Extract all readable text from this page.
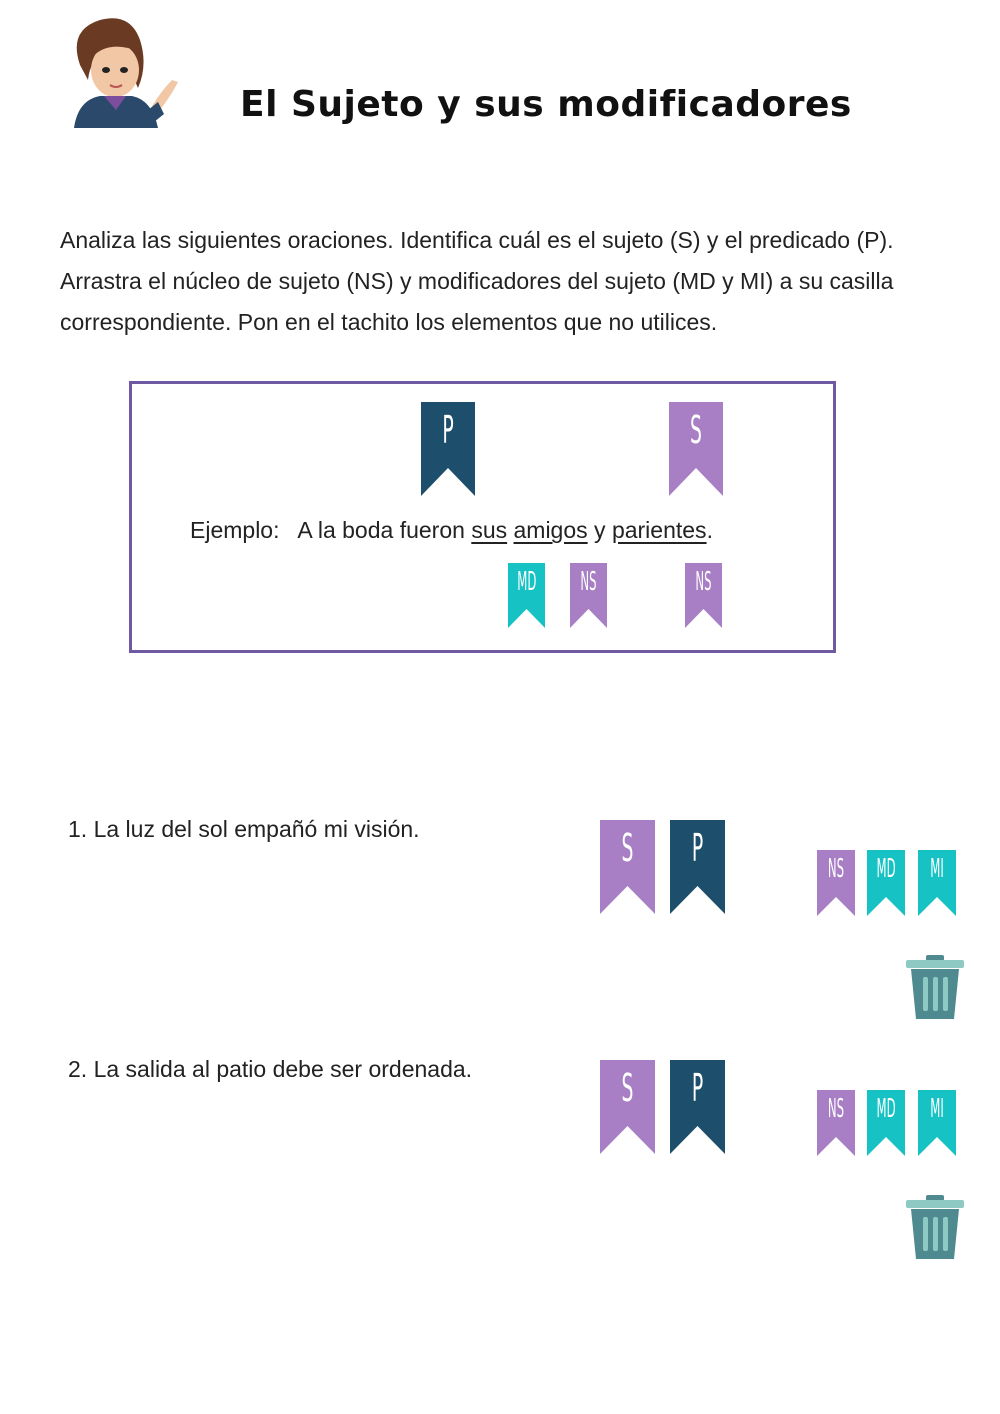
El Sujeto y sus modificadores
Analiza las siguientes oraciones. Identifica cuál es el sujeto (S) y el predicado (P). Arrastra el núcleo de sujeto (NS) y modificadores del sujeto (MD y MI) a su casilla correspondiente. Pon en el tachito los elementos que no utilices.
P	S
Ejemplo: A la boda fueron sus amigos y parientes.
MD NS	NS
1. La luz del sol empañó mi visión.	S P	NS MD MI
2. La salida al patio debe ser ordenada.	S P	NS MD MI
